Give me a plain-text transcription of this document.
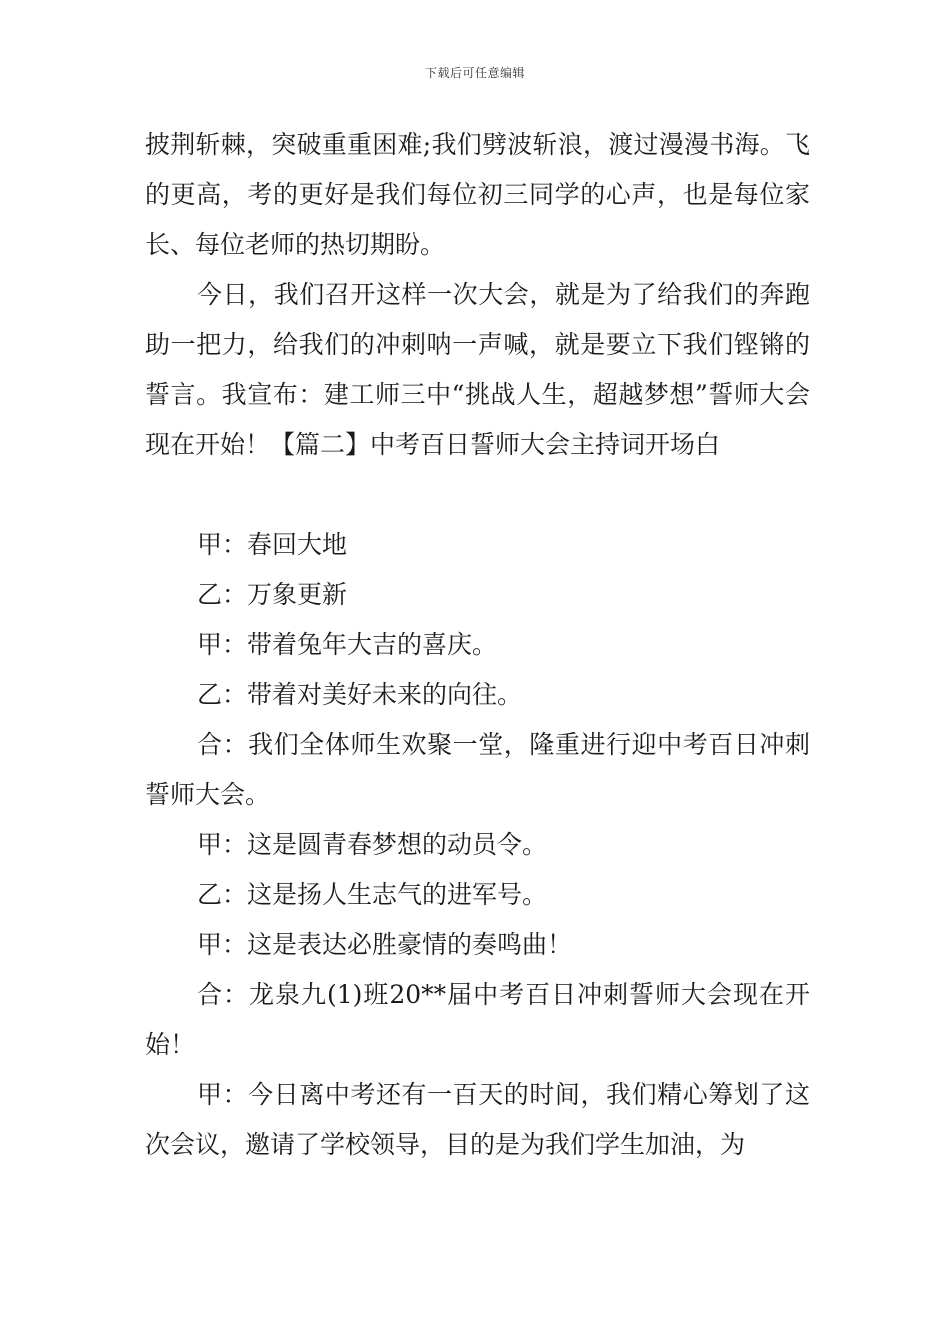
下载后可任意编辑

披荆斩棘，突破重重困难;我们劈波斩浪，渡过漫漫书海。飞的更高，考的更好是我们每位初三同学的心声，也是每位家长、每位老师的热切期盼。

今日，我们召开这样一次大会，就是为了给我们的奔跑助一把力，给我们的冲刺呐一声喊，就是要立下我们铿锵的誓言。我宣布：建工师三中“挑战人生，超越梦想”誓师大会现在开始！【篇二】中考百日誓师大会主持词开场白

甲：春回大地

乙：万象更新

甲：带着兔年大吉的喜庆。

乙：带着对美好未来的向往。

合：我们全体师生欢聚一堂，隆重进行迎中考百日冲刺誓师大会。

甲：这是圆青春梦想的动员令。

乙：这是扬人生志气的进军号。

甲：这是表达必胜豪情的奏鸣曲！

合：龙泉九(1)班20**届中考百日冲刺誓师大会现在开始！

甲：今日离中考还有一百天的时间，我们精心筹划了这次会议，邀请了学校领导，目的是为我们学生加油，为
